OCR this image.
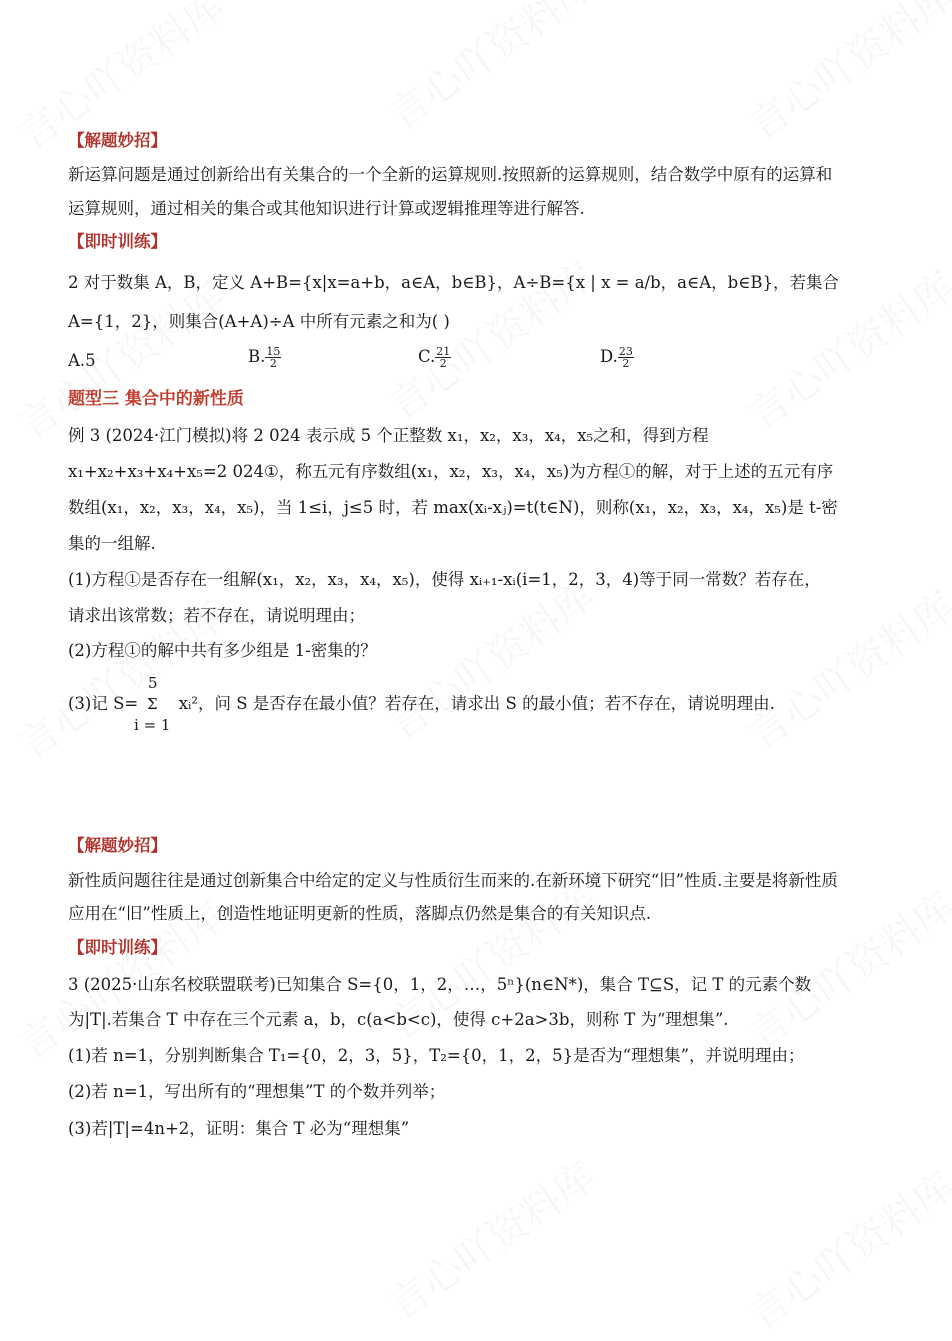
【解题妙招】
新运算问题是通过创新给出有关集合的一个全新的运算规则.按照新的运算规则，结合数学中原有的运算和
运算规则，通过相关的集合或其他知识进行计算或逻辑推理等进行解答.
【即时训练】
2 对于数集 A，B，定义 A+B={x|x=a+b，a∈A，b∈B}，A÷B={x | x = a/b，a∈A，b∈B}，若集合
A={1，2}，则集合(A+A)÷A 中所有元素之和为( )
A.5	B. $\frac{15}{2}$	C. $\frac{21}{2}$	D. $\frac{23}{2}$
题型三 集合中的新性质
例 3 (2024·江门模拟)将 2 024 表示成 5 个正整数 x₁，x₂，x₃，x₄，x₅之和，得到方程
x₁+x₂+x₃+x₄+x₅=2 024①，称五元有序数组(x₁，x₂，x₃，x₄，x₅)为方程①的解，对于上述的五元有序
数组(x₁，x₂，x₃，x₄，x₅)，当 1≤i，j≤5 时，若 max(xᵢ-xⱼ)=t(t∈N)，则称(x₁，x₂，x₃，x₄，x₅)是 t-密
集的一组解.
(1)方程①是否存在一组解(x₁，x₂，x₃，x₄，x₅)，使得 xᵢ₊₁-xᵢ(i=1，2，3，4)等于同一常数？若存在，
请求出该常数；若不存在，请说明理由；
(2)方程①的解中共有多少组是 1-密集的？
(3)记 S= xᵢ²，问 S 是否存在最小值？若存在，请求出 S 的最小值；若不存在，请说明理由.
5
Σ
i = 1
【解题妙招】
新性质问题往往是通过创新集合中给定的定义与性质衍生而来的.在新环境下研究“旧”性质.主要是将新性质
应用在“旧”性质上，创造性地证明更新的性质，落脚点仍然是集合的有关知识点.
【即时训练】
3 (2025·山东名校联盟联考)已知集合 S={0，1，2，…，5ⁿ}(n∈N*)，集合 T⊆S，记 T 的元素个数
为|T|.若集合 T 中存在三个元素 a，b，c(a<b<c)，使得 c+2a>3b，则称 T 为“理想集”.
(1)若 n=1，分别判断集合 T₁={0，2，3，5}，T₂={0，1，2，5}是否为“理想集”，并说明理由；
(2)若 n=1，写出所有的“理想集”T 的个数并列举；
(3)若|T|=4n+2，证明：集合 T 必为“理想集”
